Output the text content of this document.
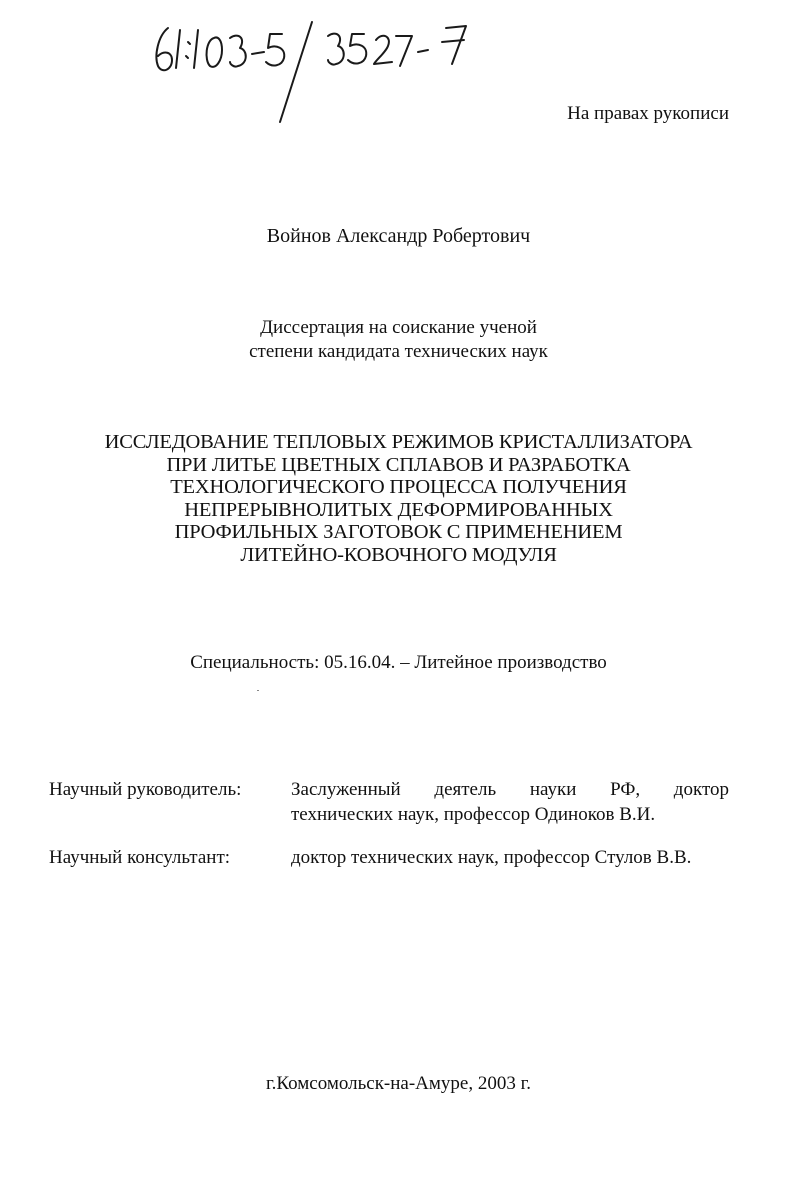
На правах рукописи
Войнов Александр Робертович
Диссертация на соискание ученой
степени кандидата технических наук
ИССЛЕДОВАНИЕ ТЕПЛОВЫХ РЕЖИМОВ КРИСТАЛЛИЗАТОРА
ПРИ ЛИТЬЕ ЦВЕТНЫХ СПЛАВОВ И РАЗРАБОТКА
ТЕХНОЛОГИЧЕСКОГО ПРОЦЕССА ПОЛУЧЕНИЯ
НЕПРЕРЫВНОЛИТЫХ ДЕФОРМИРОВАННЫХ
ПРОФИЛЬНЫХ ЗАГОТОВОК С ПРИМЕНЕНИЕМ
ЛИТЕЙНО-КОВОЧНОГО МОДУЛЯ
Специальность: 05.16.04. – Литейное производство
Научный руководитель:	Заслуженный деятель науки РФ, доктор
технических наук, профессор Одиноков В.И.
Научный консультант:	доктор технических наук, профессор Стулов В.В.
г.Комсомольск-на-Амуре, 2003 г.
